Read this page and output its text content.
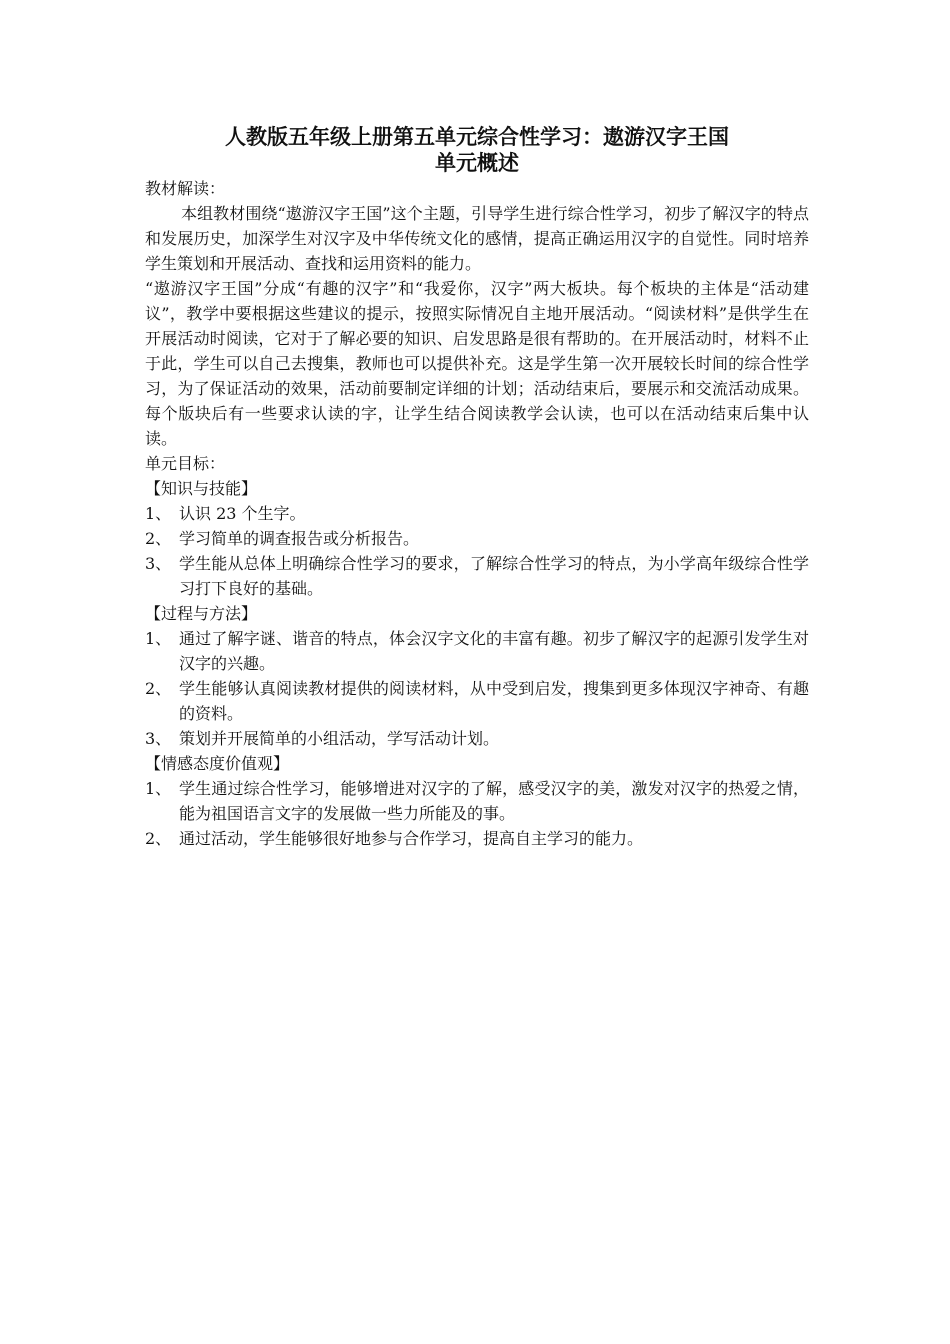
人教版五年级上册第五单元综合性学习：遨游汉字王国
单元概述
教材解读：
本组教材围绕“遨游汉字王国”这个主题，引导学生进行综合性学习，初步了解汉字的特点和发展历史，加深学生对汉字及中华传统文化的感情，提高正确运用汉字的自觉性。同时培养学生策划和开展活动、查找和运用资料的能力。
“遨游汉字王国”分成“有趣的汉字”和“我爱你，汉字”两大板块。每个板块的主体是“活动建议”，教学中要根据这些建议的提示，按照实际情况自主地开展活动。“阅读材料”是供学生在开展活动时阅读，它对于了解必要的知识、启发思路是很有帮助的。在开展活动时，材料不止于此，学生可以自己去搜集，教师也可以提供补充。这是学生第一次开展较长时间的综合性学习，为了保证活动的效果，活动前要制定详细的计划；活动结束后，要展示和交流活动成果。每个版块后有一些要求认读的字，让学生结合阅读教学会认读，也可以在活动结束后集中认读。
单元目标：
【知识与技能】
1、 认识 23 个生字。
2、 学习简单的调查报告或分析报告。
3、 学生能从总体上明确综合性学习的要求，了解综合性学习的特点，为小学高年级综合性学习打下良好的基础。
【过程与方法】
1、 通过了解字谜、谐音的特点，体会汉字文化的丰富有趣。初步了解汉字的起源引发学生对汉字的兴趣。
2、 学生能够认真阅读教材提供的阅读材料，从中受到启发，搜集到更多体现汉字神奇、有趣的资料。
3、 策划并开展简单的小组活动，学写活动计划。
【情感态度价值观】
1、 学生通过综合性学习，能够增进对汉字的了解，感受汉字的美，激发对汉字的热爱之情，能为祖国语言文字的发展做一些力所能及的事。
2、 通过活动，学生能够很好地参与合作学习，提高自主学习的能力。
